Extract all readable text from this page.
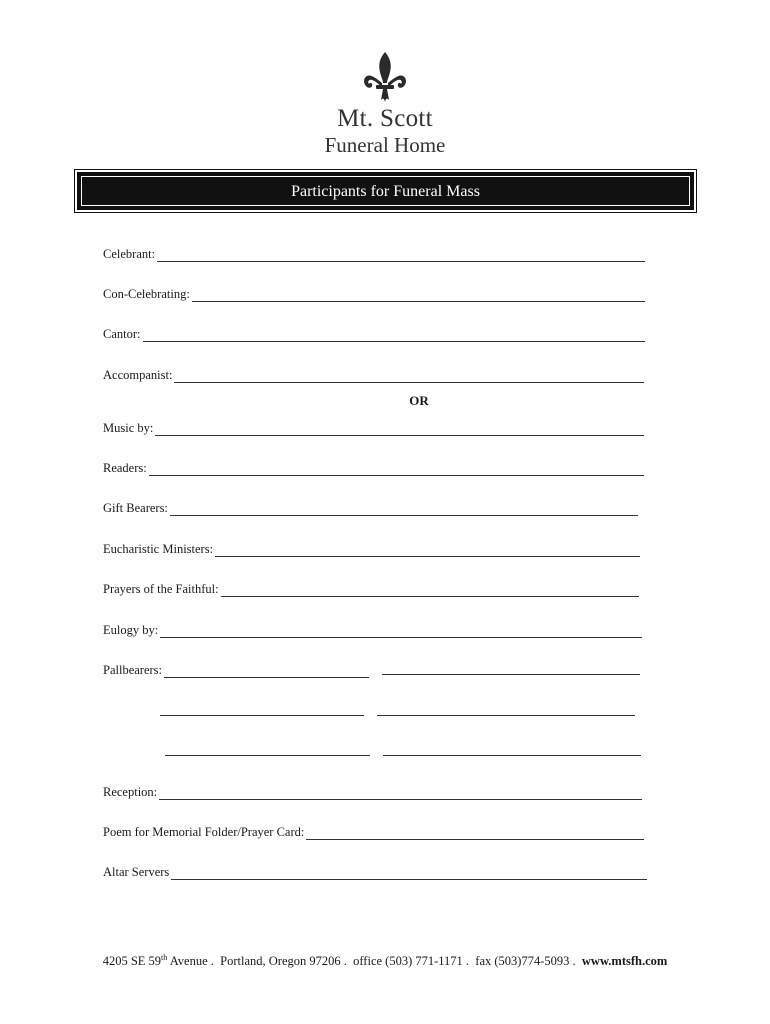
Mt. Scott
Funeral Home
Participants for Funeral Mass
Celebrant:
Con-Celebrating:
Cantor:
Accompanist:
OR
Music by:
Readers:
Gift Bearers:
Eucharistic Ministers:
Prayers of the Faithful:
Eulogy by:
Pallbearers:
Reception:
Poem for Memorial Folder/Prayer Card:
Altar Servers
4205 SE 59th Avenue .  Portland, Oregon 97206 .  office (503) 771-1171 .  fax (503)774-5093 .  www.mtsfh.com
